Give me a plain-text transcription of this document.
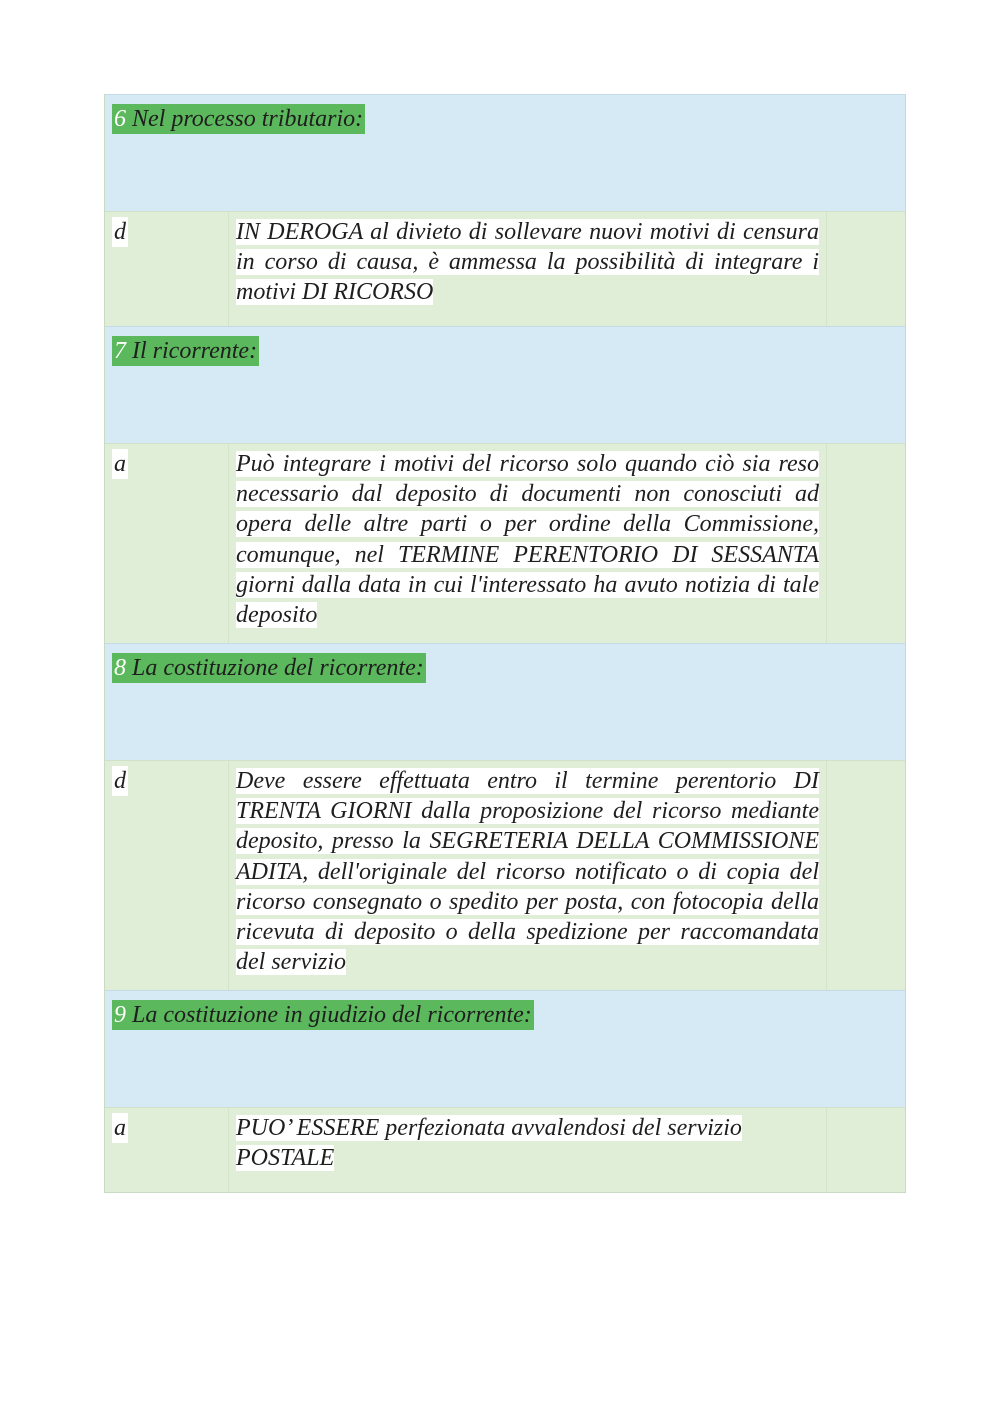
6 Nel processo tributario:
d	IN DEROGA al divieto di sollevare nuovi motivi di censura in corso di causa, è ammessa la possibilità di integrare i motivi DI RICORSO

7 Il ricorrente:
a	Può integrare i motivi del ricorso solo quando ciò sia reso necessario dal deposito di documenti non conosciuti ad opera delle altre parti o per ordine della Commissione, comunque, nel TERMINE PERENTORIO DI SESSANTA giorni dalla data in cui l'interessato ha avuto notizia di tale deposito

8 La costituzione del ricorrente:
d	Deve essere effettuata entro il termine perentorio DI TRENTA GIORNI dalla proposizione del ricorso mediante deposito, presso la SEGRETERIA DELLA COMMISSIONE ADITA, dell'originale del ricorso notificato o di copia del ricorso consegnato o spedito per posta, con fotocopia della ricevuta di deposito o della spedizione per raccomandata del servizio

9 La costituzione in giudizio del ricorrente:
a	PUO’ ESSERE perfezionata avvalendosi del servizio POSTALE
